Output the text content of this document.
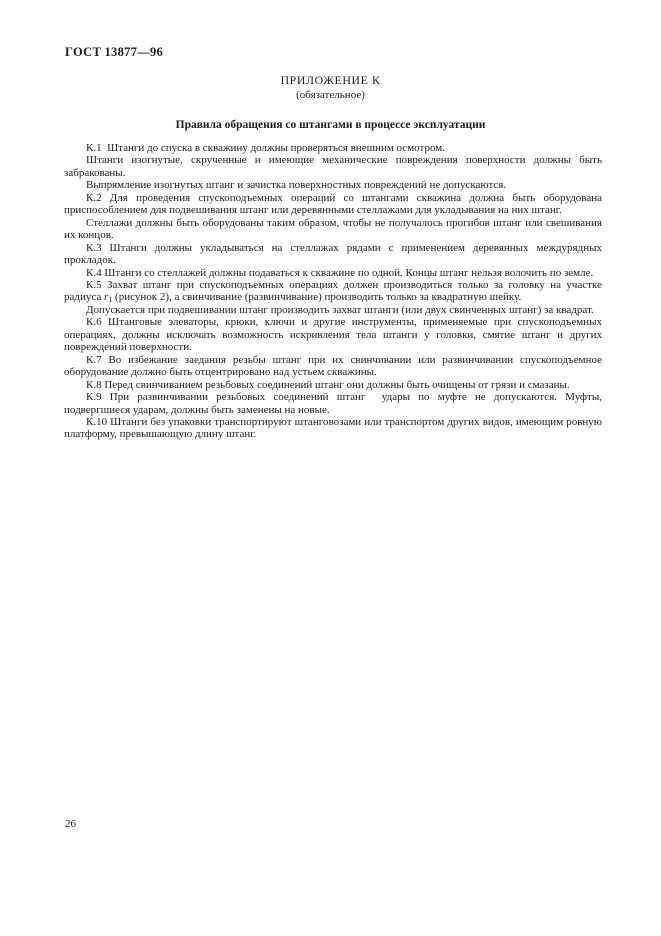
ГОСТ 13877—96
ПРИЛОЖЕНИЕ К
(обязательное)
Правила обращения со штангами в процессе эксплуатации

К.1  Штанги до спуска в скважину должны проверяться внешним осмотром.

Штанги изогнутые, скрученные и имеющие механические повреждения поверхности должны быть забракованы.

Выпрямление изогнутых штанг и зачистка поверхностных повреждений не допускаются.

К.2 Для проведения спускоподъемных операций со штангами скважина должна быть оборудована приспособлением для подвешивания штанг или деревянными стеллажами для укладывания на них штанг.

Стеллажи должны быть оборудованы таким образом, чтобы не получалось прогибов штанг или свешивания их концов.

К.3 Штанги должны укладываться на стеллажах рядами с применением деревянных междурядных прокладок.

К.4 Штанги со стеллажей должны подаваться к скважине по одной. Концы штанг нельзя волочить по земле.

К.5 Захват штанг при спускоподъемных операциях должен производиться только за головку на участке радиуса $r_1$ (рисунок 2), а свинчивание (развинчивание) производить только за квадратную шейку.

Допускается при подвешивании штанг производить захват штанги (или двух свинченных штанг) за квадрат.

К.6 Штанговые элеваторы, крюки, ключи и другие инструменты, применяемые при спускоподъемных операциях, должны исключать возможность искривления тела штанги у головки, смятие штанг и других повреждений поверхности.

К.7 Во избежание заедания резьбы штанг при их свинчивании или развинчивании спускоподъемное оборудование должно быть отцентрировано над устьем скважины.

К.8 Перед свинчиванием резьбовых соединений штанг они должны быть очищены от грязи и смазаны.

К.9 При развинчивании резьбовых соединений штанг  удары по муфте не допускаются. Муфты, подвергшиеся ударам, должны быть заменены на новые.

К.10 Штанги без упаковки транспортируют штанговозами или транспортом других видов, имеющим ровную платформу, превышающую длину штанг.

26
